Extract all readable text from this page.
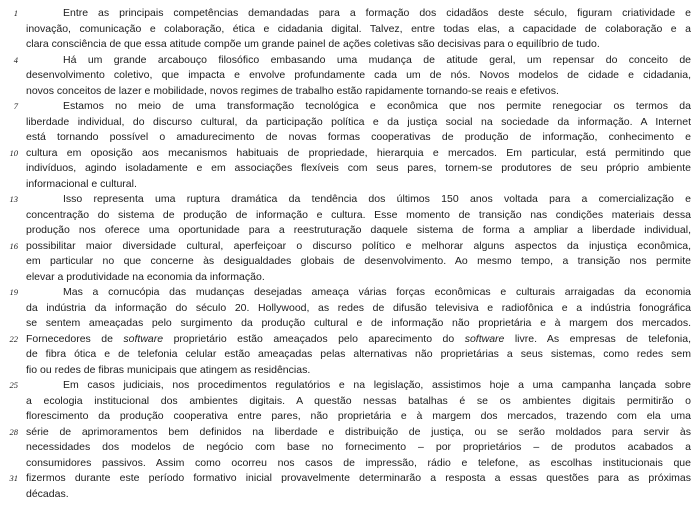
1	Entre as principais competências demandadas para a formação dos cidadãos deste século, figuram criatividade e
inovação, comunicação e colaboração, ética e cidadania digital. Talvez, entre todas elas, a capacidade de colaboração e a
clara consciência de que essa atitude compõe um grande painel de ações coletivas são decisivas para o equilíbrio de tudo.
4	Há um grande arcabouço filosófico embasando uma mudança de atitude geral, um repensar do conceito de
desenvolvimento coletivo, que impacta e envolve profundamente cada um de nós. Novos modelos de cidade e cidadania,
novos conceitos de lazer e mobilidade, novos regimes de trabalho estão rapidamente tornando-se reais e efetivos.
7	Estamos no meio de uma transformação tecnológica e econômica que nos permite renegociar os termos da
liberdade individual, do discurso cultural, da participação política e da justiça social na sociedade da informação. A Internet
está tornando possível o amadurecimento de novas formas cooperativas de produção de informação, conhecimento e
10 cultura em oposição aos mecanismos habituais de propriedade, hierarquia e mercados. Em particular, está permitindo que
indivíduos, agindo isoladamente e em associações flexíveis com seus pares, tornem-se produtores de seu próprio ambiente
informacional e cultural.
13	Isso representa uma ruptura dramática da tendência dos últimos 150 anos voltada para a comercialização e
concentração do sistema de produção de informação e cultura. Esse momento de transição nas condições materiais dessa
produção nos oferece uma oportunidade para a reestruturação daquele sistema de forma a ampliar a liberdade individual,
16 possibilitar maior diversidade cultural, aperfeiçoar o discurso político e melhorar alguns aspectos da injustiça econômica,
em particular no que concerne às desigualdades globais de desenvolvimento. Ao mesmo tempo, a transição nos permite
elevar a produtividade na economia da informação.
19	Mas a cornucópia das mudanças desejadas ameaça várias forças econômicas e culturais arraigadas da economia
da indústria da informação do século 20. Hollywood, as redes de difusão televisiva e radiofônica e a indústria fonográfica
se sentem ameaçadas pelo surgimento da produção cultural e de informação não proprietária e à margem dos mercados.
22 Fornecedores de software proprietário estão ameaçados pelo aparecimento do software livre. As empresas de telefonia,
de fibra ótica e de telefonia celular estão ameaçadas pelas alternativas não proprietárias a seus sistemas, como redes sem
fio ou redes de fibras municipais que atingem as residências.
25	Em casos judiciais, nos procedimentos regulatórios e na legislação, assistimos hoje a uma campanha lançada sobre
a ecologia institucional dos ambientes digitais. A questão nessas batalhas é se os ambientes digitais permitirão o
florescimento da produção cooperativa entre pares, não proprietária e à margem dos mercados, trazendo com ela uma
28 série de aprimoramentos bem definidos na liberdade e distribuição de justiça, ou se serão moldados para servir às
necessidades dos modelos de negócio com base no fornecimento – por proprietários – de produtos acabados a
consumidores passivos. Assim como ocorreu nos casos de impressão, rádio e telefone, as escolhas institucionais que
31 fizermos durante este período formativo inicial provavelmente determinarão a resposta a essas questões para as próximas
décadas.
